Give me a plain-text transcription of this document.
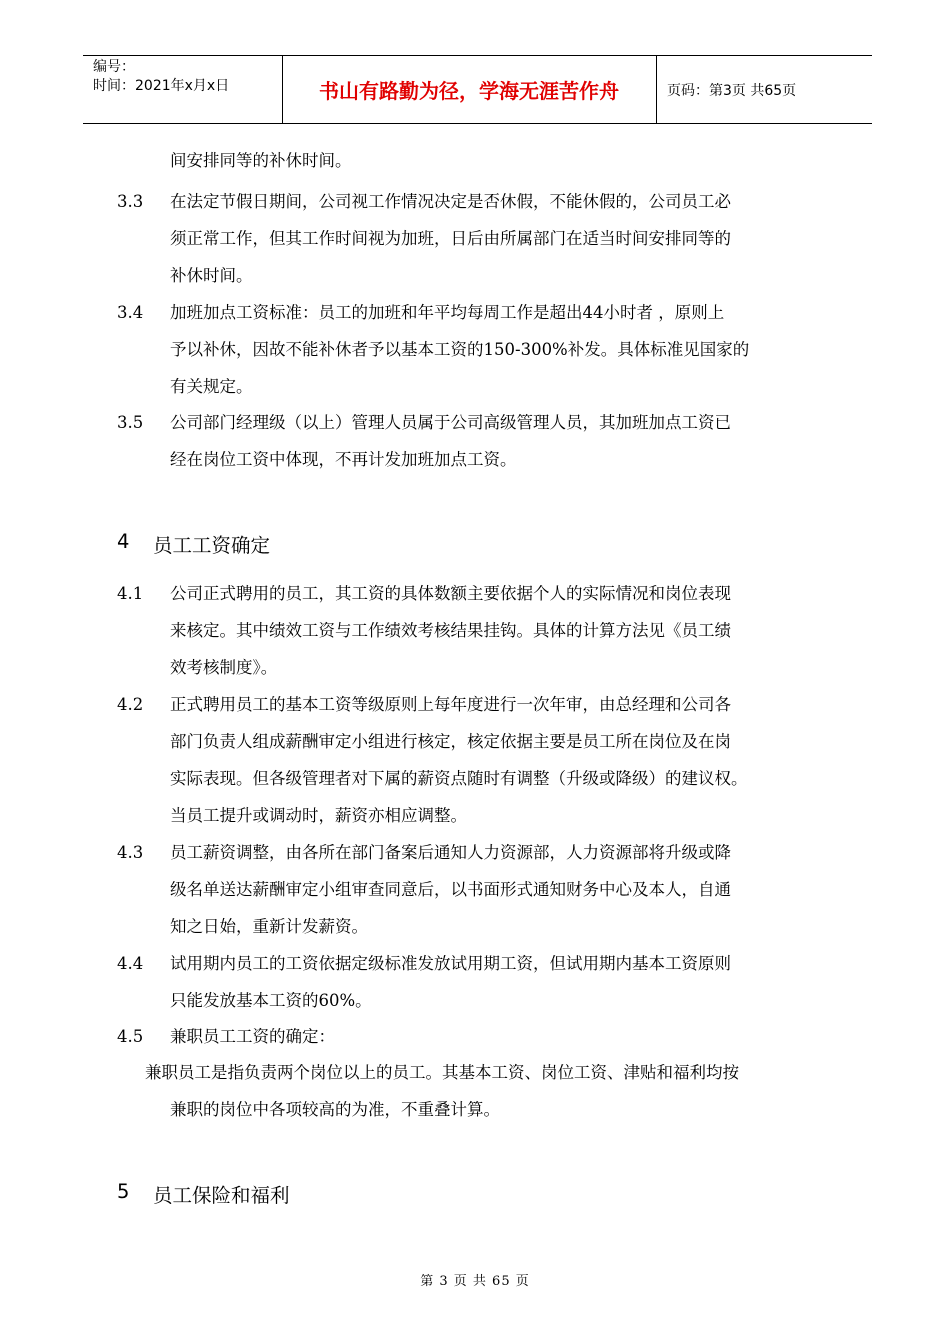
编号：
时间：2021年x月x日	书山有路勤为径，学海无涯苦作舟	页码：第3页 共65页
间安排同等的补休时间。
3.3 在法定节假日期间，公司视工作情况决定是否休假，不能休假的，公司员工必
须正常工作，但其工作时间视为加班，日后由所属部门在适当时间安排同等的
补休时间。
3.4 加班加点工资标准：员工的加班和年平均每周工作是超出44小时者 ，原则上
予以补休，因故不能补休者予以基本工资的150-300%补发。具体标准见国家的
有关规定。
3.5 公司部门经理级（以上）管理人员属于公司高级管理人员，其加班加点工资已
经在岗位工资中体现，不再计发加班加点工资。
4 员工工资确定
4.1 公司正式聘用的员工，其工资的具体数额主要依据个人的实际情况和岗位表现
来核定。其中绩效工资与工作绩效考核结果挂钩。具体的计算方法见《员工绩
效考核制度》。
4.2 正式聘用员工的基本工资等级原则上每年度进行一次年审，由总经理和公司各
部门负责人组成薪酬审定小组进行核定，核定依据主要是员工所在岗位及在岗
实际表现。但各级管理者对下属的薪资点随时有调整（升级或降级）的建议权。
当员工提升或调动时，薪资亦相应调整。
4.3 员工薪资调整，由各所在部门备案后通知人力资源部，人力资源部将升级或降
级名单送达薪酬审定小组审查同意后，以书面形式通知财务中心及本人，自通
知之日始，重新计发薪资。
4.4 试用期内员工的工资依据定级标准发放试用期工资，但试用期内基本工资原则
只能发放基本工资的60%。
4.5 兼职员工工资的确定：
兼职员工是指负责两个岗位以上的员工。其基本工资、岗位工资、津贴和福利均按
兼职的岗位中各项较高的为准，不重叠计算。
5 员工保险和福利
第 3 页 共 65 页
